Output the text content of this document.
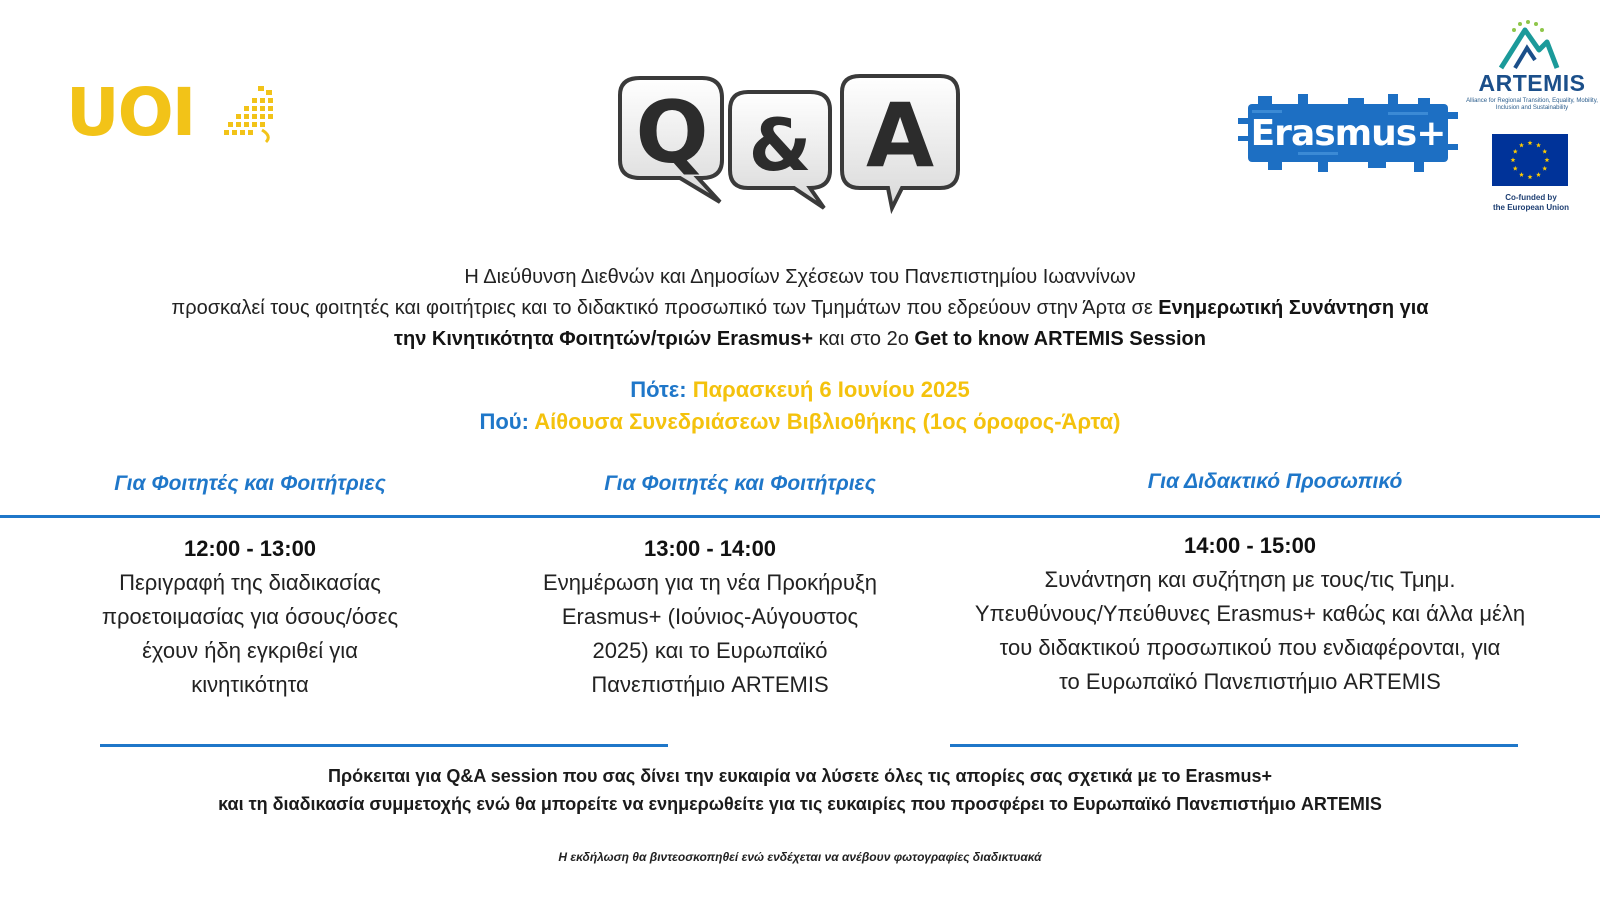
UOI	Q & A	Erasmus+
ARTEMIS
Alliance for Regional Transition, Equality, Mobility, Inclusion and Sustainability
Co-funded by
the European Union
Η Διεύθυνση Διεθνών και Δημοσίων Σχέσεων του Πανεπιστημίου Ιωαννίνων
προσκαλεί τους φοιτητές και φοιτήτριες και το διδακτικό προσωπικό των Τμημάτων που εδρεύουν στην Άρτα σε Ενημερωτική Συνάντηση για
την Κινητικότητα Φοιτητών/τριών Erasmus+ και στο 2ο Get to know ARTEMIS Session
Πότε: Παρασκευή 6 Ιουνίου 2025
Πού: Αίθουσα Συνεδριάσεων Βιβλιοθήκης (1ος όροφος-Άρτα)
Για Φοιτητές και Φοιτήτριες	Για Φοιτητές και Φοιτήτριες	Για Διδακτικό Προσωπικό
12:00 - 13:00
Περιγραφή της διαδικασίας
προετοιμασίας για όσους/όσες
έχουν ήδη εγκριθεί για
κινητικότητα
13:00 - 14:00
Ενημέρωση για τη νέα Προκήρυξη
Erasmus+ (Ιούνιος-Αύγουστος
2025) και το Ευρωπαϊκό
Πανεπιστήμιο ARTEMIS
14:00 - 15:00
Συνάντηση και συζήτηση με τους/τις Τμημ.
Υπευθύνους/Υπεύθυνες Erasmus+ καθώς και άλλα μέλη
του διδακτικού προσωπικού που ενδιαφέρονται, για
το Ευρωπαϊκό Πανεπιστήμιο ARTEMIS
Πρόκειται για Q&A session που σας δίνει την ευκαιρία να λύσετε όλες τις απορίες σας σχετικά με το Erasmus+
και τη διαδικασία συμμετοχής ενώ θα μπορείτε να ενημερωθείτε για τις ευκαιρίες που προσφέρει το Ευρωπαϊκό Πανεπιστήμιο ARTEMIS
Η εκδήλωση θα βιντεοσκοπηθεί ενώ ενδέχεται να ανέβουν φωτογραφίες διαδικτυακά
